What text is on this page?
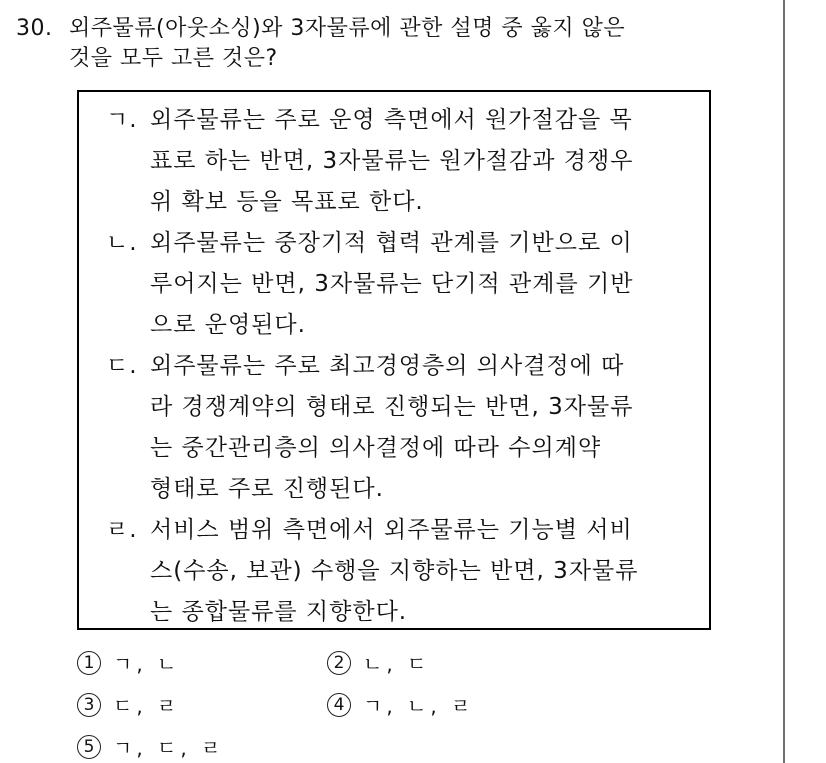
30. 외주물류(아웃소싱)와 3자물류에 관한 설명 중 옳지 않은
것을 모두 고른 것은?
ㄱ. 외주물류는 주로 운영 측면에서 원가절감을 목
표로 하는 반면, 3자물류는 원가절감과 경쟁우
위 확보 등을 목표로 한다.
ㄴ. 외주물류는 중장기적 협력 관계를 기반으로 이
루어지는 반면, 3자물류는 단기적 관계를 기반
으로 운영된다.
ㄷ. 외주물류는 주로 최고경영층의 의사결정에 따
라 경쟁계약의 형태로 진행되는 반면, 3자물류
는 중간관리층의 의사결정에 따라 수의계약
형태로 주로 진행된다.
ㄹ. 서비스 범위 측면에서 외주물류는 기능별 서비
스(수송, 보관) 수행을 지향하는 반면, 3자물류
는 종합물류를 지향한다.
1 ㄱ, ㄴ	2 ㄴ, ㄷ
3 ㄷ, ㄹ	4 ㄱ, ㄴ, ㄹ
5 ㄱ, ㄷ, ㄹ
